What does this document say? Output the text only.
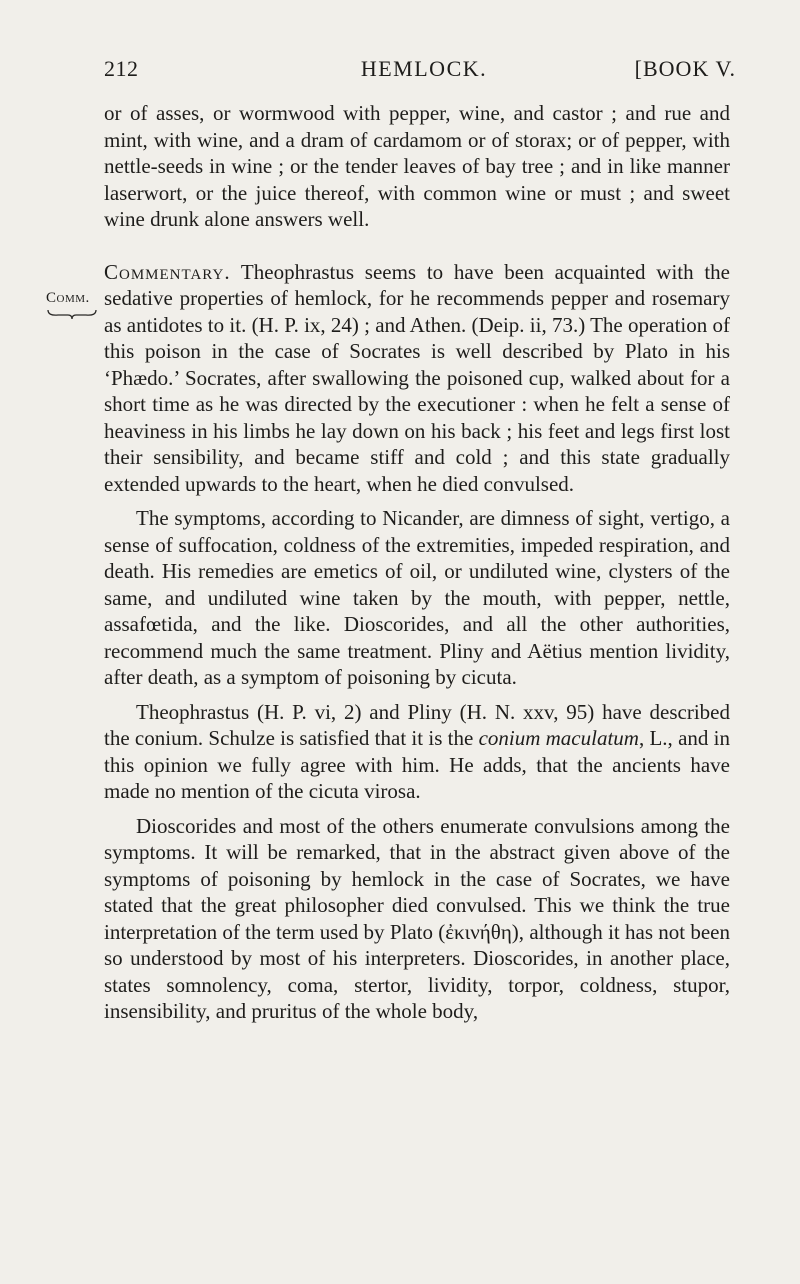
212	HEMLOCK.	[BOOK V.
Comm.

or of asses, or wormwood with pepper, wine, and castor ; and rue and mint, with wine, and a dram of cardamom or of storax; or of pepper, with nettle-seeds in wine ; or the tender leaves of bay tree ; and in like manner laserwort, or the juice thereof, with common wine or must ; and sweet wine drunk alone answers well.

Commentary. Theophrastus seems to have been acquainted with the sedative properties of hemlock, for he recommends pepper and rosemary as antidotes to it. (H. P. ix, 24) ; and Athen. (Deip. ii, 73.) The operation of this poison in the case of Socrates is well described by Plato in his ‘Phædo.’ Socrates, after swallowing the poisoned cup, walked about for a short time as he was directed by the executioner : when he felt a sense of heaviness in his limbs he lay down on his back ; his feet and legs first lost their sensibility, and became stiff and cold ; and this state gradually extended upwards to the heart, when he died convulsed.

The symptoms, according to Nicander, are dimness of sight, vertigo, a sense of suffocation, coldness of the extremities, impeded respiration, and death. His remedies are emetics of oil, or undiluted wine, clysters of the same, and undiluted wine taken by the mouth, with pepper, nettle, assafœtida, and the like. Dioscorides, and all the other authorities, recommend much the same treatment. Pliny and Aëtius mention lividity, after death, as a symptom of poisoning by cicuta.

Theophrastus (H. P. vi, 2) and Pliny (H. N. xxv, 95) have described the conium. Schulze is satisfied that it is the conium maculatum, L., and in this opinion we fully agree with him. He adds, that the ancients have made no mention of the cicuta virosa.

Dioscorides and most of the others enumerate convulsions among the symptoms. It will be remarked, that in the abstract given above of the symptoms of poisoning by hemlock in the case of Socrates, we have stated that the great philosopher died convulsed. This we think the true interpretation of the term used by Plato (ἐκινήθη), although it has not been so understood by most of his interpreters. Dioscorides, in another place, states somnolency, coma, stertor, lividity, torpor, coldness, stupor, insensibility, and pruritus of the whole body,
